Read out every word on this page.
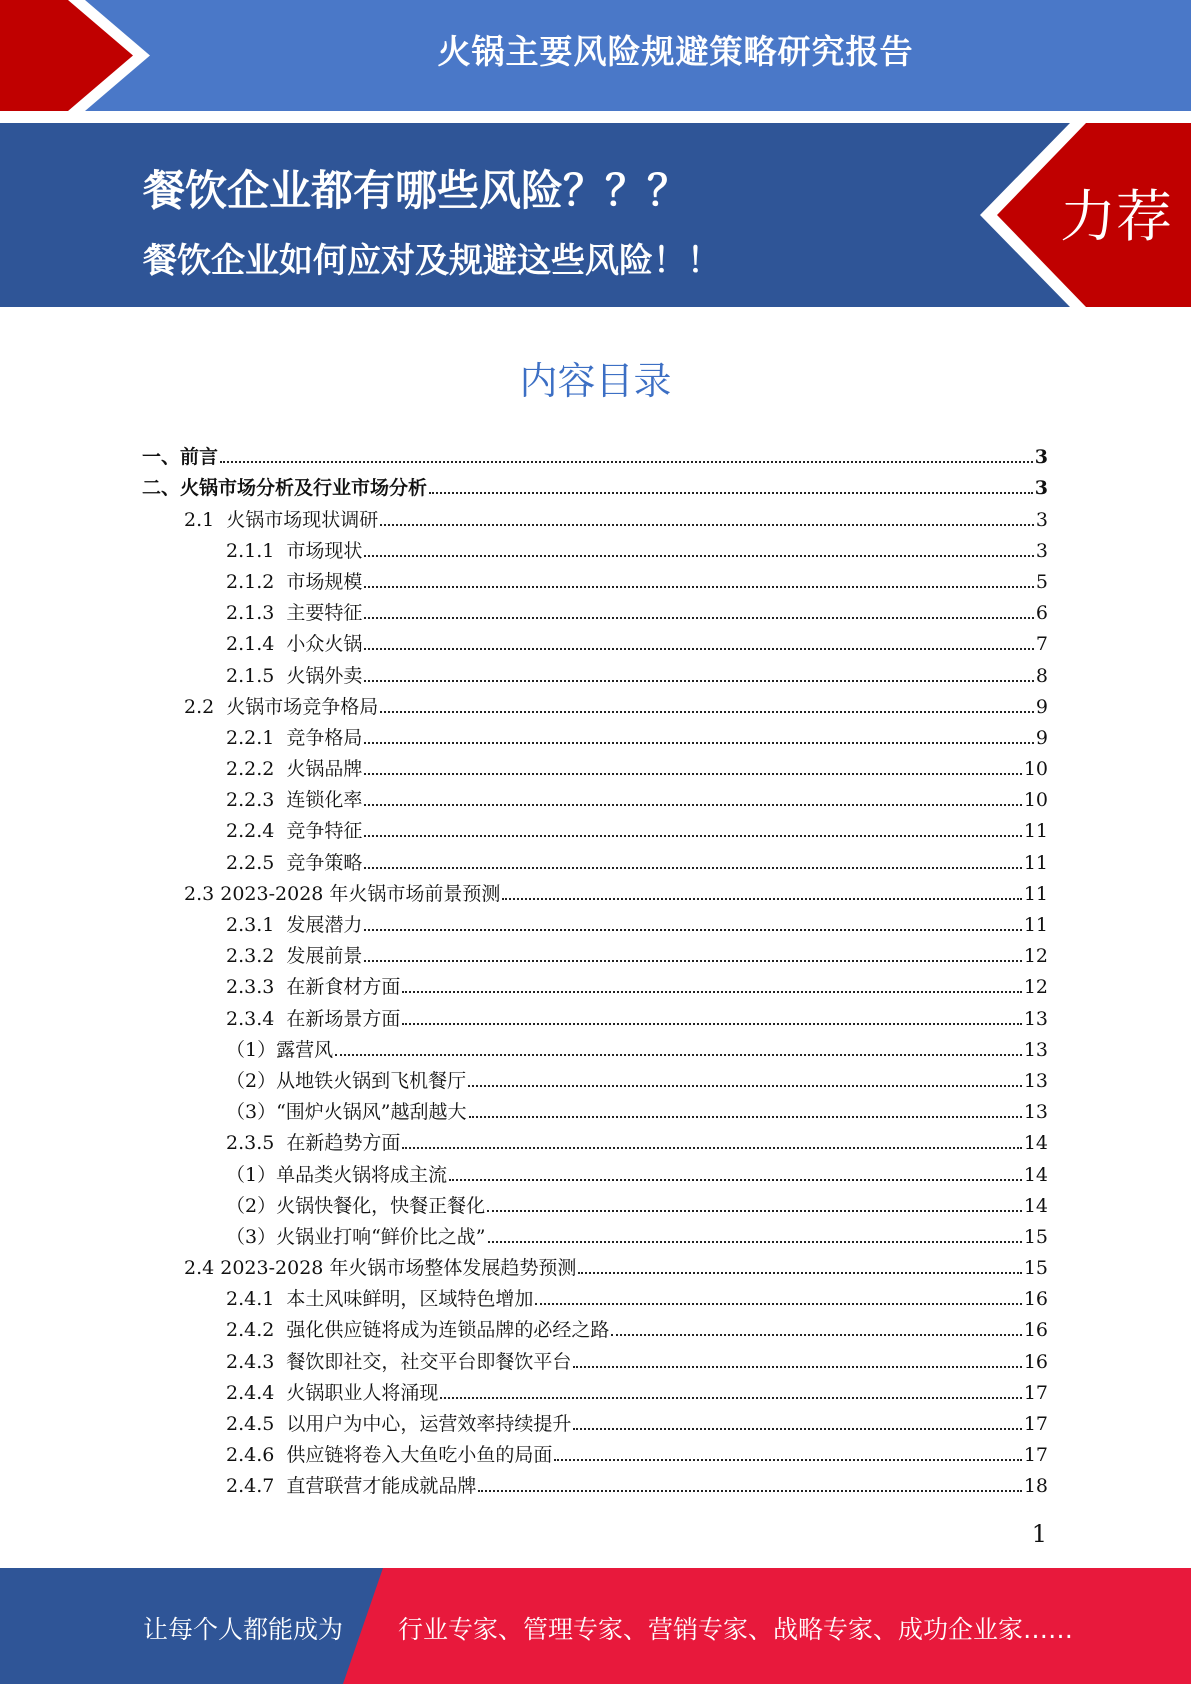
火锅主要风险规避策略研究报告
餐饮企业都有哪些风险？？？
餐饮企业如何应对及规避这些风险！！
力荐
内容目录
一、前言	3
二、火锅市场分析及行业市场分析	3
2.1  火锅市场现状调研	3
2.1.1  市场现状	3
2.1.2  市场规模	5
2.1.3  主要特征	6
2.1.4  小众火锅	7
2.1.5  火锅外卖	8
2.2  火锅市场竞争格局	9
2.2.1  竞争格局	9
2.2.2  火锅品牌	10
2.2.3  连锁化率	10
2.2.4  竞争特征	11
2.2.5  竞争策略	11
2.3 2023-2028 年火锅市场前景预测	11
2.3.1  发展潜力	11
2.3.2  发展前景	12
2.3.3  在新食材方面	12
2.3.4  在新场景方面	13
（1）露营风	13
（2）从地铁火锅到飞机餐厅	13
（3）“围炉火锅风”越刮越大	13
2.3.5  在新趋势方面	14
（1）单品类火锅将成主流	14
（2）火锅快餐化，快餐正餐化	14
（3）火锅业打响“鲜价比之战”	15
2.4 2023-2028 年火锅市场整体发展趋势预测	15
2.4.1  本土风味鲜明，区域特色增加	16
2.4.2  强化供应链将成为连锁品牌的必经之路	16
2.4.3  餐饮即社交，社交平台即餐饮平台	16
2.4.4  火锅职业人将涌现	17
2.4.5  以用户为中心，运营效率持续提升	17
2.4.6  供应链将卷入大鱼吃小鱼的局面	17
2.4.7  直营联营才能成就品牌	18
1
让每个人都能成为 行业专家、管理专家、营销专家、战略专家、成功企业家……
